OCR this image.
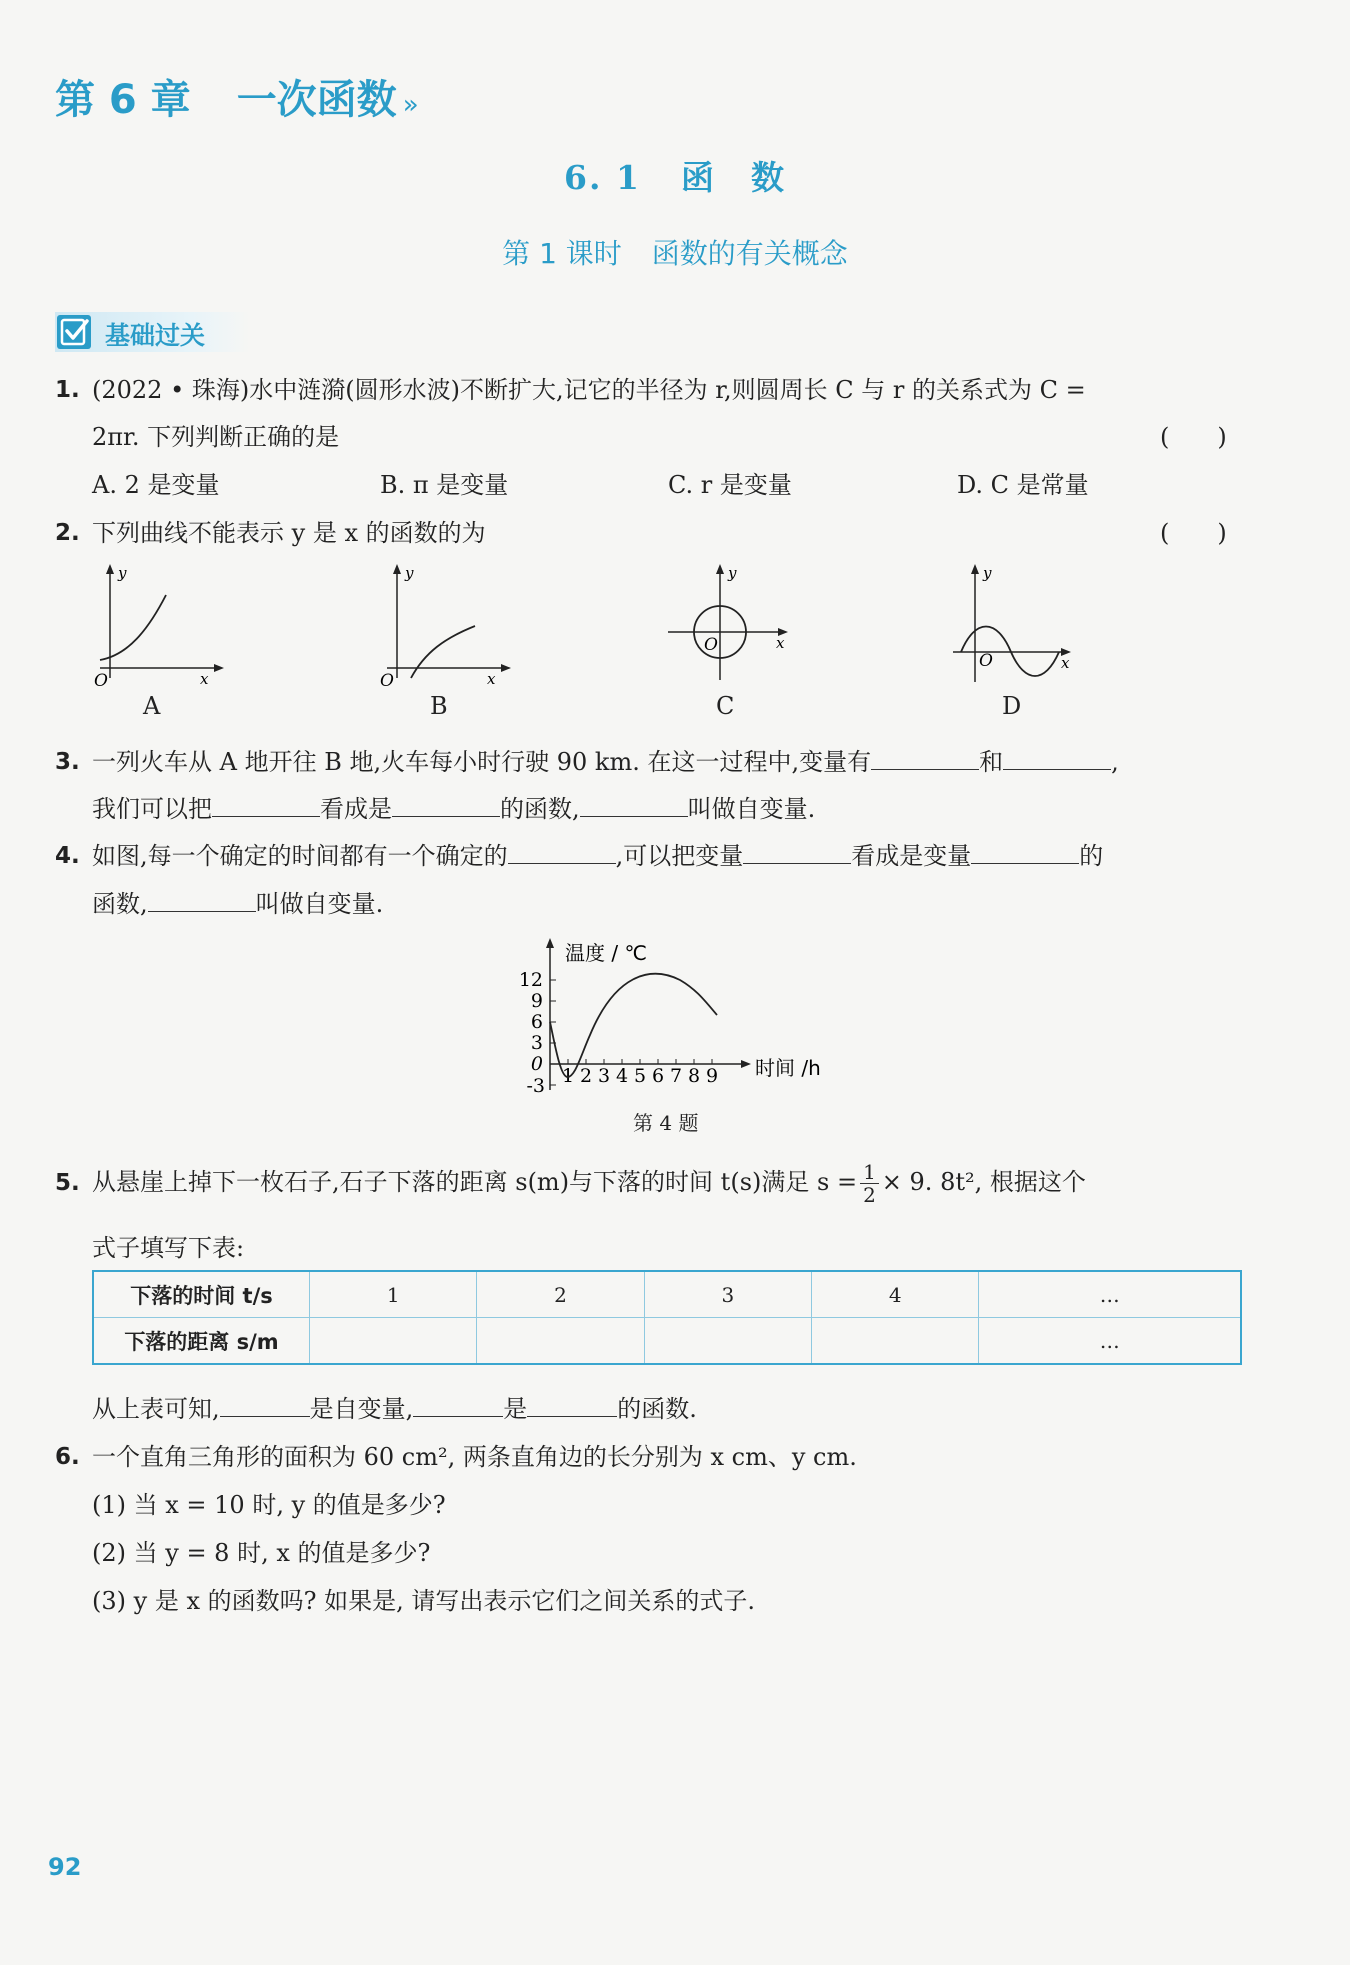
第 6 章 一次函数 »
6. 1 函　数
第 1 课时 函数的有关概念
基础过关
1. (2022 • 珠海)水中涟漪(圆形水波)不断扩大,记它的半径为 r,则圆周长 C 与 r 的关系式为 C =
2πr. 下列判断正确的是	(　　)
A. 2 是变量	B. π 是变量	C. r 是变量	D. C 是常量
2. 下列曲线不能表示 y 是 x 的函数的为	(　　)
y
x
O
A
y
x
O
B
y
x
O
C
y
x
O
D
3. 一列火车从 A 地开往 B 地,火车每小时行驶 90 km. 在这一过程中,变量有	和	,
我们可以把	看成是	的函数,	叫做自变量.
4. 如图,每一个确定的时间都有一个确定的	,可以把变量	看成是变量	的
函数,	叫做自变量.
12
9
6
3
0
-3 1 2 3 4 5 6 7 8 9
温度 / ℃
时间 /h
第 4 题
5. 从悬崖上掉下一枚石子,石子下落的距离 s(m)与下落的时间 t(s)满足 $s = \frac{1}{2} \times 9$. 8t², 根据这个
式子填写下表:
下落的时间 t/s	1	2	3	4	…
下落的距离 s/m					…
从上表可知,	是自变量,	是	的函数.
6. 一个直角三角形的面积为 60 cm², 两条直角边的长分别为 x cm、y cm.
(1) 当 x = 10 时, y 的值是多少?
(2) 当 y = 8 时, x 的值是多少?
(3) y 是 x 的函数吗? 如果是, 请写出表示它们之间关系的式子.
92
